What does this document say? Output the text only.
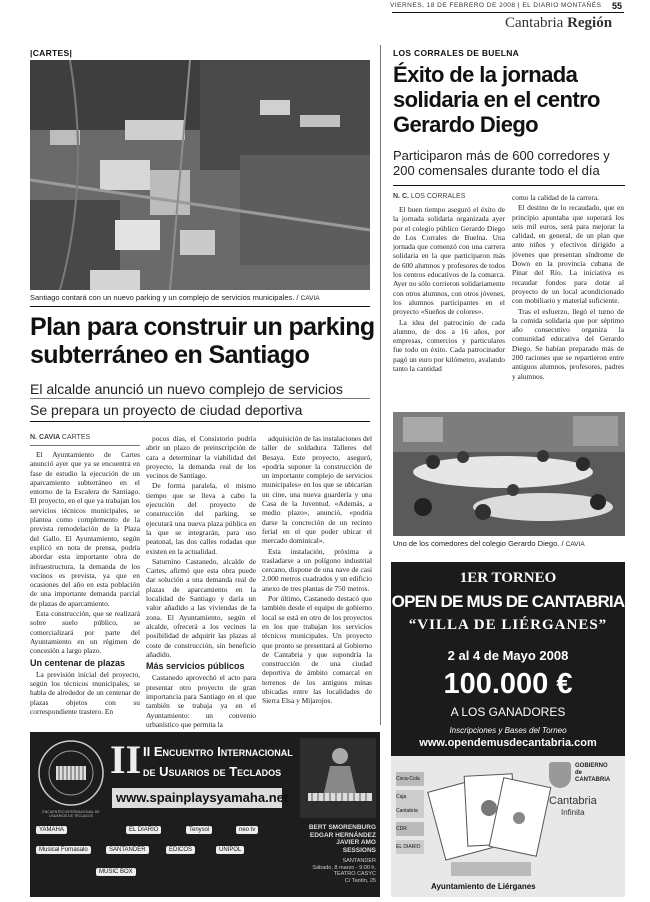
VIERNES, 18 DE FEBRERO DE 2008 | EL DIARIO MONTAÑÉS 55
Cantabria Región
|CARTES|
Santiago contará con un nuevo parking y un complejo de servicios municipales. / CAVIA
Plan para construir un parking subterráneo en Santiago
El alcalde anunció un nuevo complejo de servicios
Se prepara un proyecto de ciudad deportiva
N. CAVIA CARTES

El Ayuntamiento de Cartes anunció ayer que ya se encuentra en fase de estudio la ejecución de un aparcamiento subterráneo en el entorno de la Escalera de Santiago. El proyecto, en el que ya trabajan los servicios técnicos municipales, se plantea como complemento de la prevista remodelación de la Plaza del Gallo. El Ayuntamiento, según explicó en nota de prensa, podría abordar esta importante obra de infraestructura, la demanda de los vecinos es prevista, ya que en ocasiones del año en esta población de una importante demanda parcial de plazas de aparcamiento.

Esta construcción, que se realizará sobre suelo público, se comercializará por parte del Ayuntamiento en un régimen de concesión a largo plazo.

Un centenar de plazas

La previsión inicial del proyecto, según los técnicos municipales, se habla de alrededor de un centenar de plazas objetos con su correspondiente trastero. En

pocos días, el Consistorio podría abrir un plazo de preinscripción de cara a determinar la viabilidad del proyecto, la demanda real de los vecinos de Santiago.

De forma paralela, el mismo tiempo que se lleva a cabo la ejecución del proyecto de construcción del parking, se ejecutará una nueva plaza pública en la que se integrarán, para uso peatonal, las dos calles rodadas que existen en la actualidad.

Saturnino Castanedo, alcalde de Cartes, afirmó que esta obra puede dar solución a una demanda real de plazas de aparcamiento en la localidad de Santiago y daría un valor añadido a las viviendas de la zona. El Ayuntamiento, según el alcalde, ofrecerá a los vecinos la posibilidad de adquirir las plazas al coste de construcción, sin beneficio añadido.

Más servicios públicos

Castanedo aprovechó el acto para presentar otro proyecto de gran importancia para Santiago en el que también se trabaja ya en el Ayuntamiento: un convenio urbanístico que permita la

adquisición de las instalaciones del taller de soldadura Talleres del Besaya. Este proyecto, aseguró, «podría suponer la construcción de un importante complejo de servicios municipales» en los que se ubicarían un cine, una nueva guardería y una Casa de la Juventud. «Además, a medio plazo», anunció, «podría darse la concreción de un recinto ferial en el que poder ubicar el mercado dominical».

Esta instalación, próxima a trasladarse a un polígono industrial cercano, dispone de una nave de casi 2.000 metros cuadrados y un edificio anexo de tres plantas de 750 metros.

Por último, Castanedo destacó que también desde el equipo de gobierno local se está en otro de los proyectos en los que trabajan los servicios técnicos municipales. Un proyecto que pronto se presentará al Gobierno de Cantabria y que supondría la construcción de una ciudad deportiva de ámbito comarcal en terrenos de los antiguos minas ubicadas entre las localidades de Sierra Elsa y Mijarojos.

LOS CORRALES DE BUELNA
Éxito de la jornada solidaria en el centro Gerardo Diego
Participaron más de 600 corredores y 200 comensales durante todo el día
N. C. LOS CORRALES

El buen tiempo aseguró el éxito de la jornada solidaria organizada ayer por el colegio público Gerardo Diego de Los Corrales de Buelna. Una jornada que comenzó con una carrera solidaria en la que participaron más de 600 alumnos y profesores de todos los centros educativos de la comarca. Ayer no sólo corrieron solidariamente con otros alumnos, con otros jóvenes, los alumnos participantes en el proyecto «Sueños de colores».

La idea del patrocinio de cada alumno, de dos a 16 años, por empresas, comercios y particulares fue todo un éxito. Cada patrocinador pagó un euro por kilómetro, avalando tanto la cantidad

como la calidad de la carrera.

El destino de lo recaudado, que en principio apuntaba que superará los seis mil euros, será para mejorar la calidad, en general, de un plan que ante niños y efectivos dirigido a jóvenes que presentan síndrome de Down en la provincia cubana de Pinar del Río. La iniciativa es recaudar fondos para dotar al proyecto de un local acondicionado con mobiliario y material suficiente.

Tras el esfuerzo, llegó el turno de la comida solidaria que por séptimo año consecutivo organiza la comunidad educativa del Gerardo Diego. Se habían preparado más de 200 raciones que se repartieron entre antiguos alumnos, profesores, padres y alumnos.

Uno de los comedores del colegio Gerardo Diego. / CAVIA
1ER TORNEO
OPEN DE MUS DE CANTABRIA
“VILLA DE LIÉRGANES”
2 al 4 de Mayo 2008
100.000 €
A LOS GANADORES
Inscripciones y Bases del Torneo
www.opendemusdecantabria.com
GOBIERNO
de
CANTABRIA
Cantabria
Infinita
Coca-Cola
Caja Cantabria
CDR
EL DIARIO
Ayuntamiento de Liérganes
ENCUENTRO INTERNACIONAL DE USUARIOS DE TECLADOS
II II Encuentro Internacional
de Usuarios de Teclados
www.spainplaysyamaha.net
YAMAHA	EL DIARIO	Tenysol	neo tv
Musical Fornasalo	SANTANDER	EDICOS	UNIPOL
MUSIC BOX
BERT SMORENBURG
EDGAR HERNÁNDEZ
JAVIER AMO
SESSIONS
SANTANDER
Sábado, 8 marzo - 9:00 h.
TEATRO CASYC
C/ Tantín, 25
